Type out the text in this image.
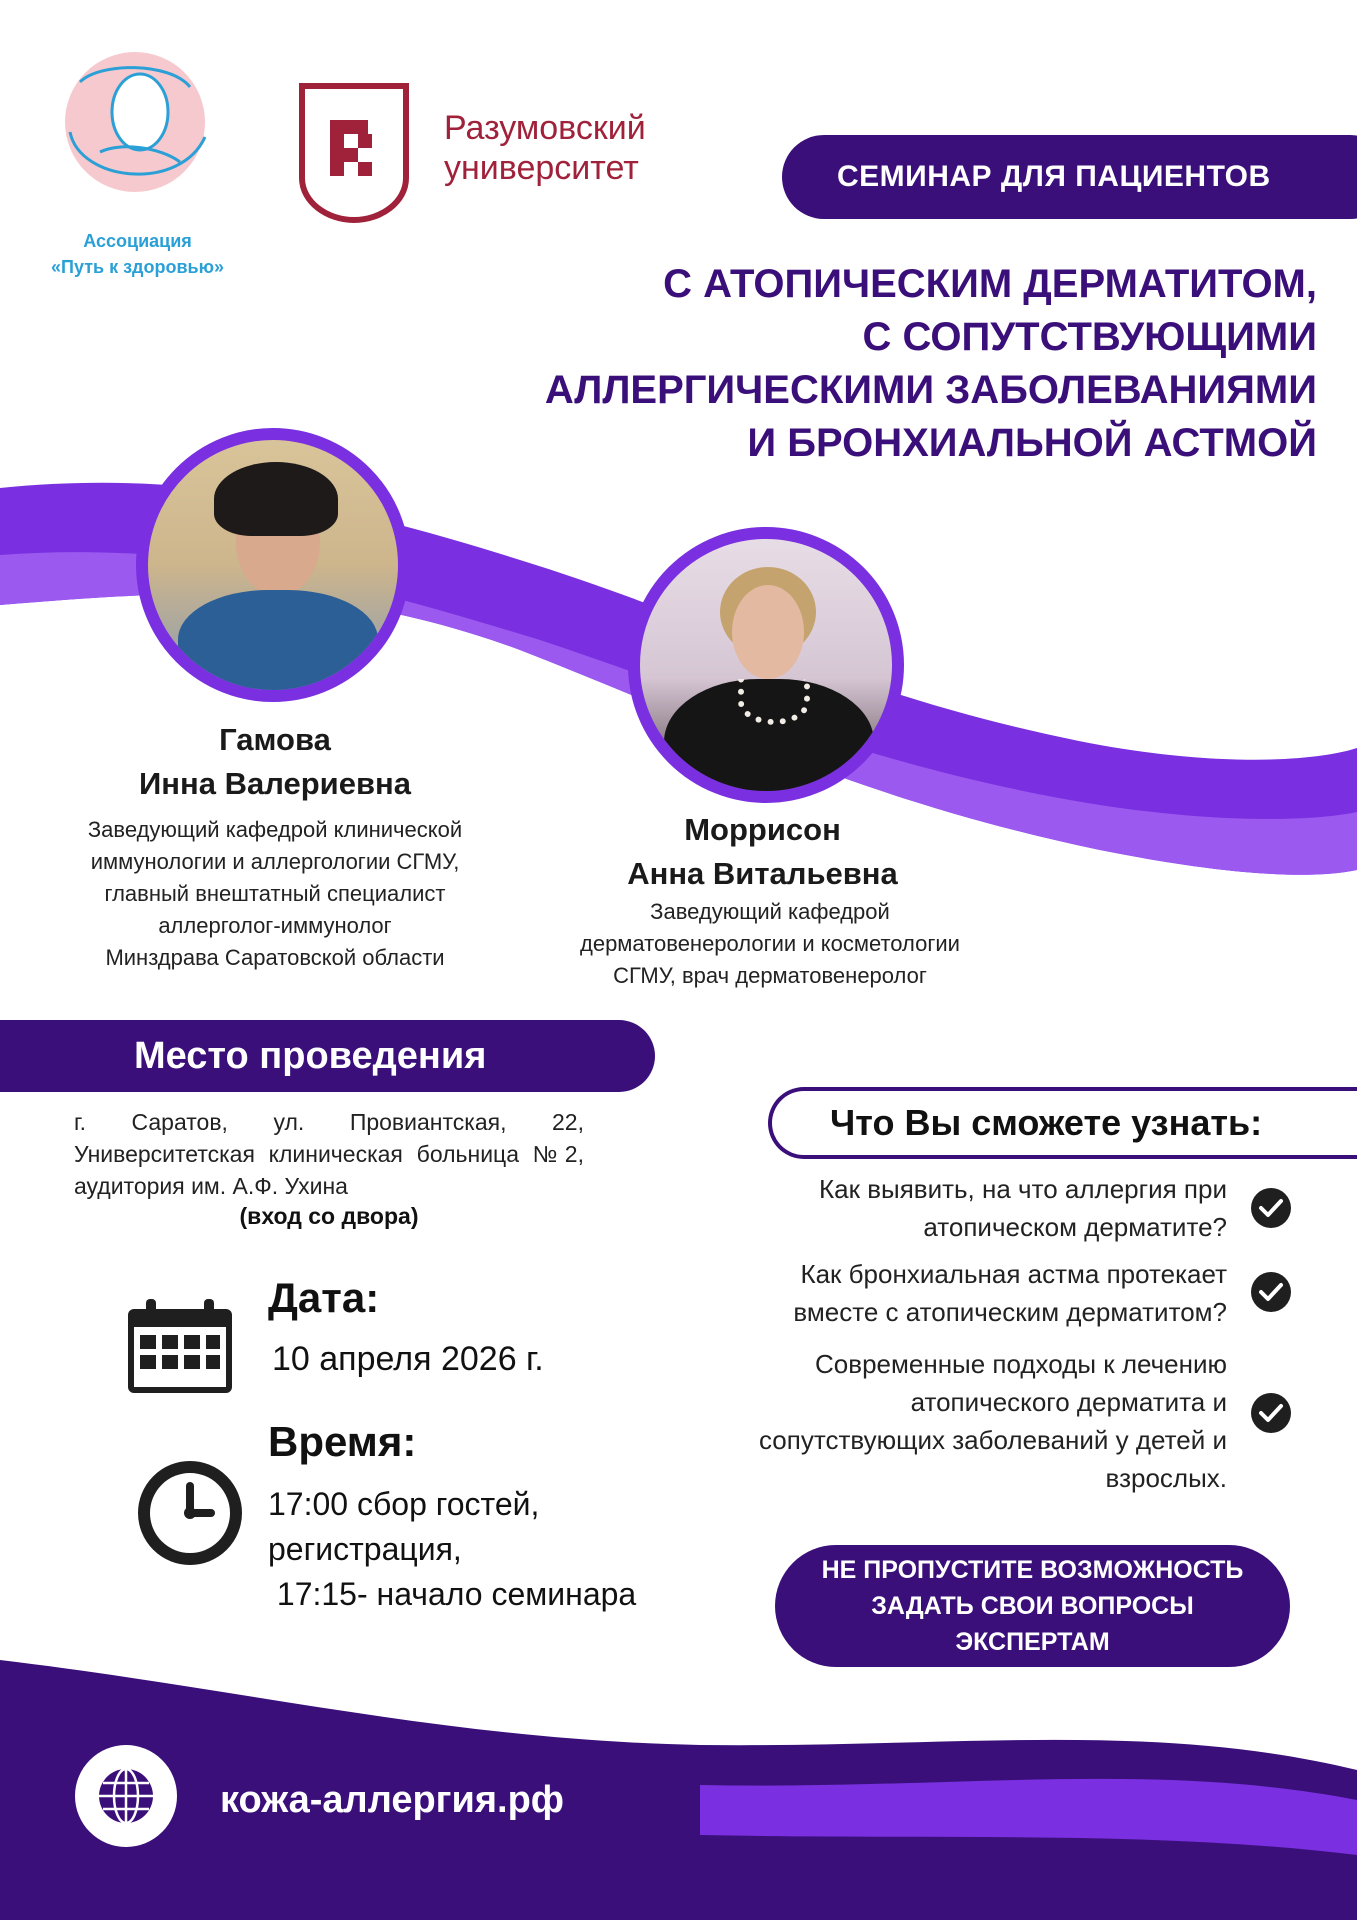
Ассоциация
«Путь к здоровью»
Разумовский
университет	СЕМИНАР ДЛЯ ПАЦИЕНТОВ
С АТОПИЧЕСКИМ ДЕРМАТИТОМ,
С СОПУТСТВУЮЩИМИ
АЛЛЕРГИЧЕСКИМИ ЗАБОЛЕВАНИЯМИ
И БРОНХИАЛЬНОЙ АСТМОЙ
Гамова
Инна Валериевна
Заведующий кафедрой клинической
иммунологии и аллергологии СГМУ,
главный внештатный специалист
аллерголог-иммунолог
Минздрава Саратовской области
Моррисон
Анна Витальевна
Заведующий кафедрой
дерматовенерологии и косметологии
СГМУ, врач дерматовенеролог
Место проведения
г. Саратов, ул. Провиантская, 22, Университетская клиническая больница №2, аудитория им. А.Ф. Ухина
(вход со двора)
Дата:
10 апреля 2026 г.
Время:
17:00 сбор гостей,
регистрация,
17:15- начало семинара
Что Вы сможете узнать:
Как выявить, на что аллергия при
атопическом дерматите?
Как бронхиальная астма протекает
вместе с атопическим дерматитом?
Современные подходы к лечению
атопического дерматита и
сопутствующих заболеваний у детей и
взрослых.
НЕ ПРОПУСТИТЕ ВОЗМОЖНОСТЬ
ЗАДАТЬ СВОИ ВОПРОСЫ
ЭКСПЕРТАМ
кожа-аллергия.рф
